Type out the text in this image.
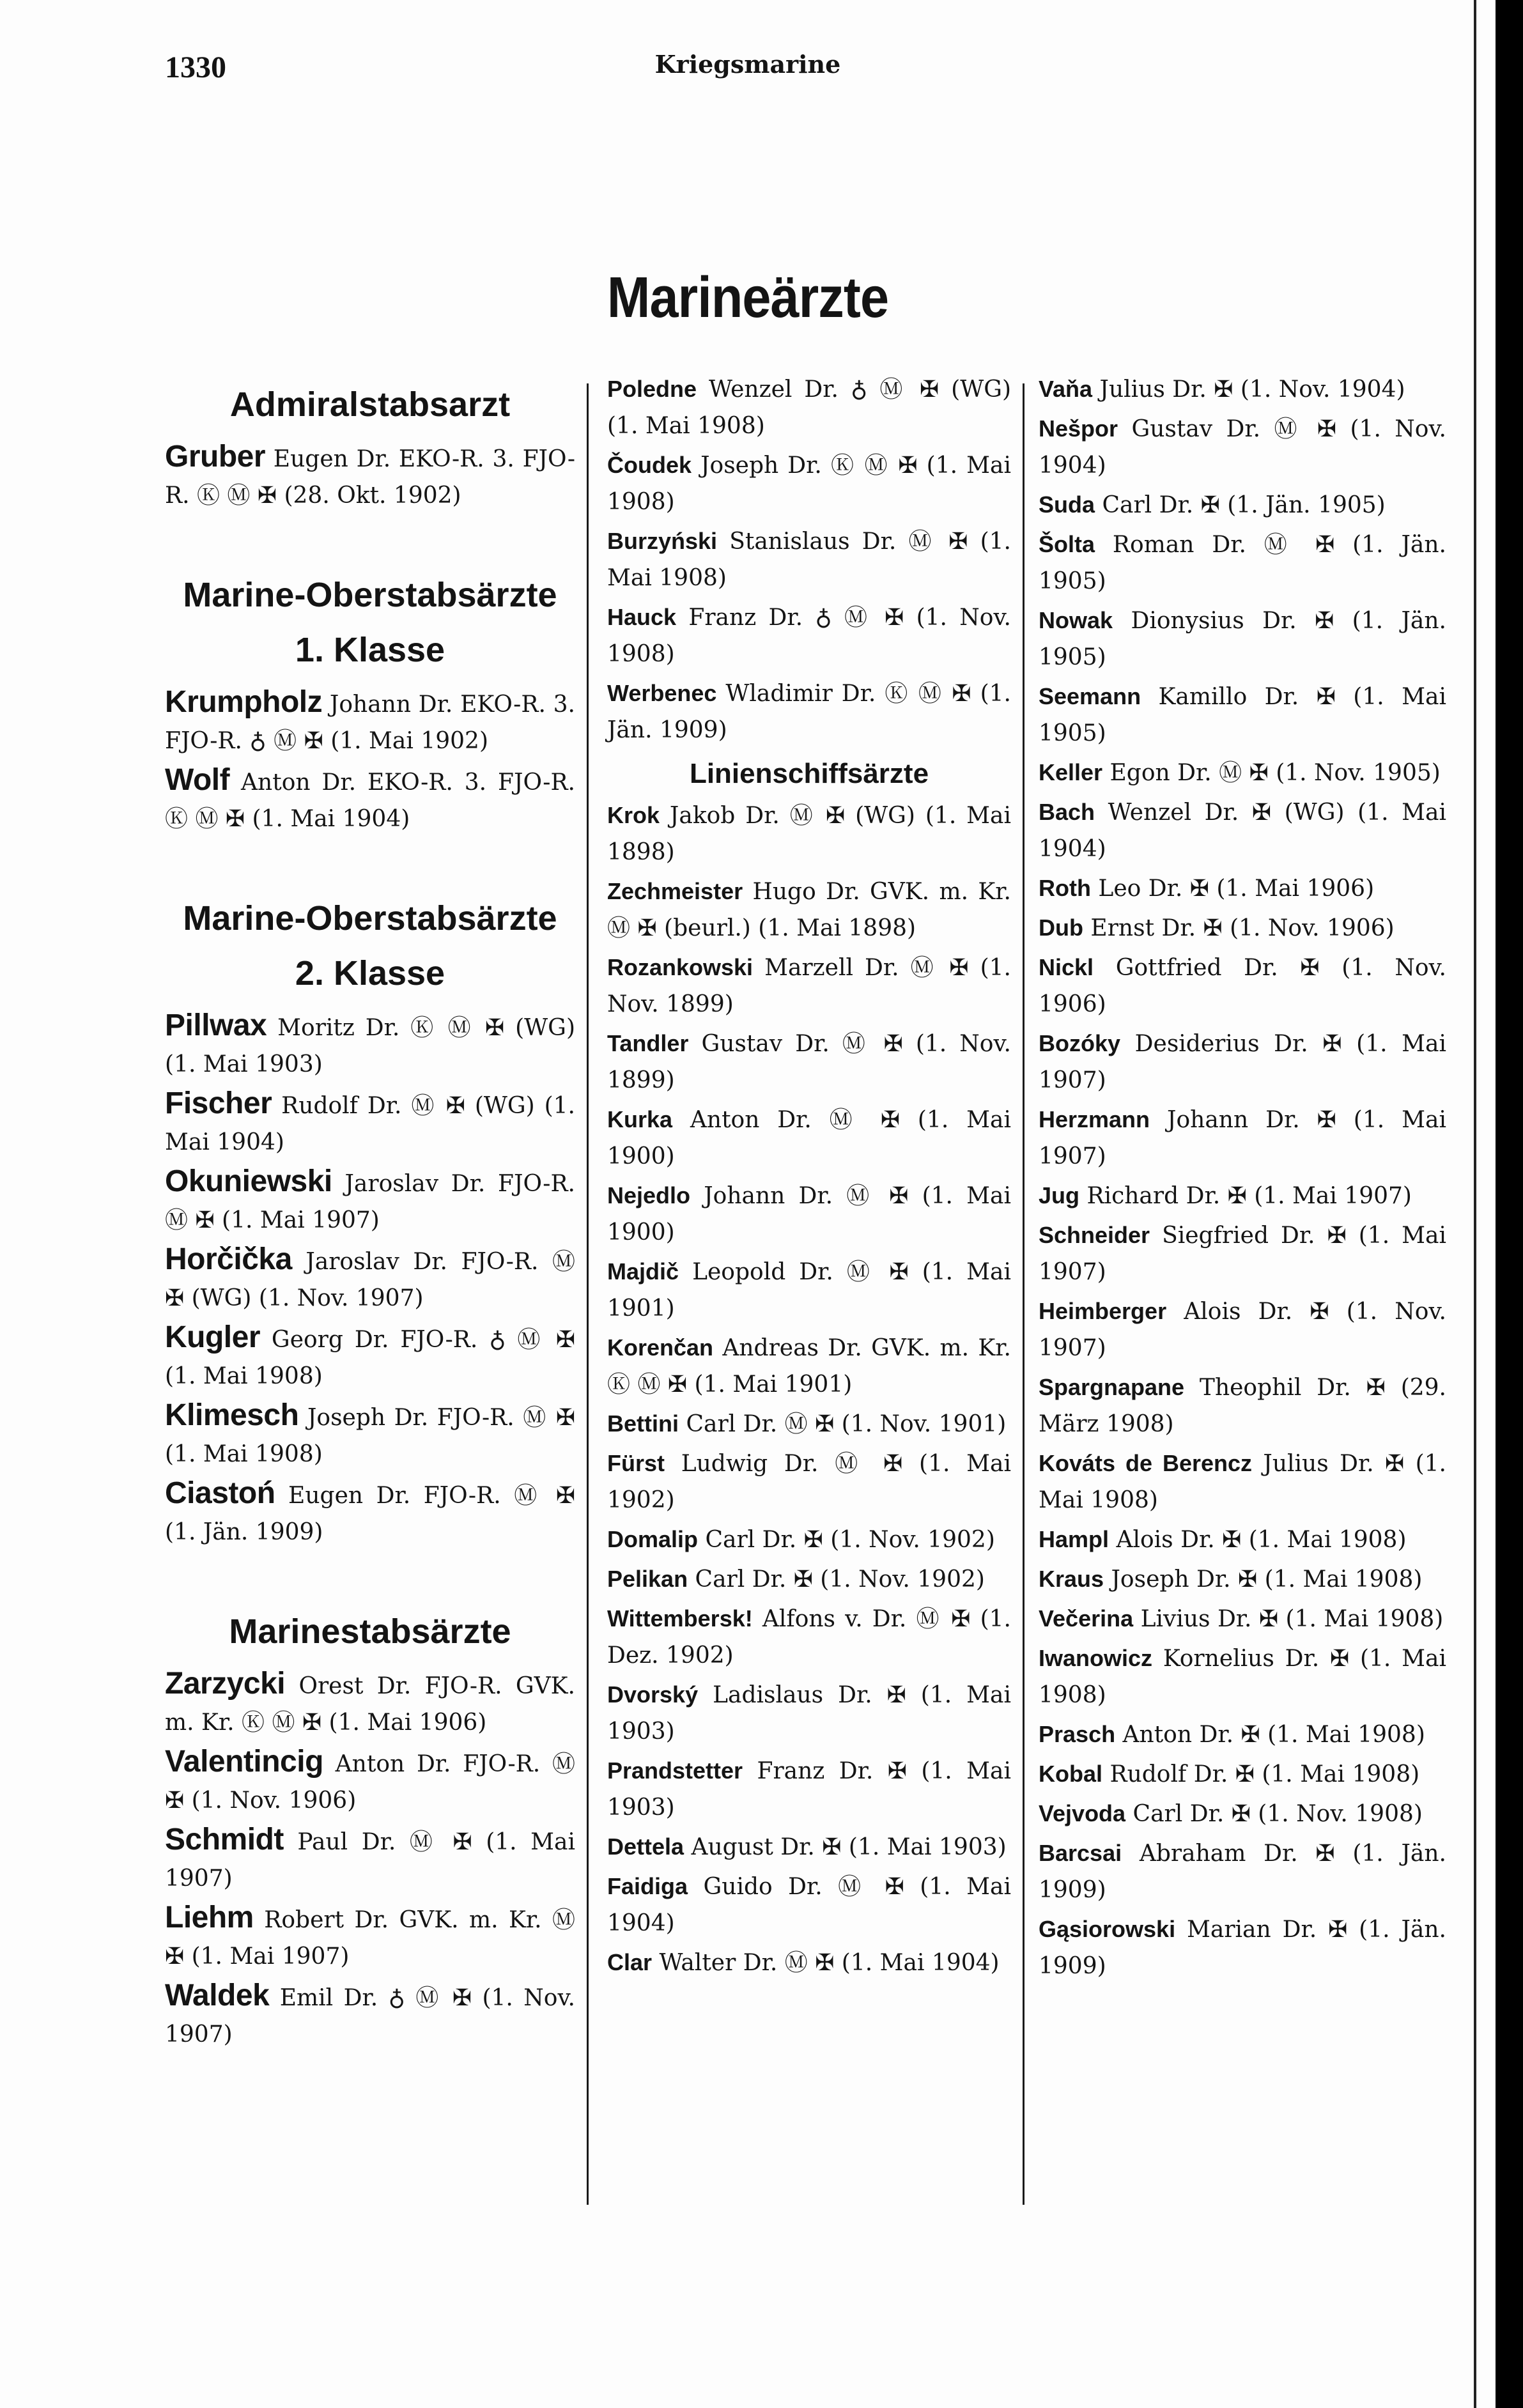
1330	Kriegsmarine
Marineärzte
Admiralstabsarzt
Gruber Eugen Dr. EKO-R. 3. FJO-R. Ⓚ Ⓜ ✠ (28. Okt. 1902)
Marine-Oberstabsärzte
1. Klasse
Krumpholz Johann Dr. EKO-R. 3. FJO-R. ♁ Ⓜ ✠ (1. Mai 1902)
Wolf Anton Dr. EKO-R. 3. FJO-R. Ⓚ Ⓜ ✠ (1. Mai 1904)
Marine-Oberstabsärzte
2. Klasse
Pillwax Moritz Dr. Ⓚ Ⓜ ✠ (WG) (1. Mai 1903)
Fischer Rudolf Dr. Ⓜ ✠ (WG) (1. Mai 1904)
Okuniewski Jaroslav Dr. FJO-R. Ⓜ ✠ (1. Mai 1907)
Horčička Jaroslav Dr. FJO-R. Ⓜ ✠ (WG) (1. Nov. 1907)
Kugler Georg Dr. FJO-R. ♁ Ⓜ ✠ (1. Mai 1908)
Klimesch Joseph Dr. FJO-R. Ⓜ ✠ (1. Mai 1908)
Ciastoń Eugen Dr. FJO-R. Ⓜ ✠ (1. Jän. 1909)
Marinestabsärzte
Zarzycki Orest Dr. FJO-R. GVK. m. Kr. Ⓚ Ⓜ ✠ (1. Mai 1906)
Valentincig Anton Dr. FJO-R. Ⓜ ✠ (1. Nov. 1906)
Schmidt Paul Dr. Ⓜ ✠ (1. Mai 1907)
Liehm Robert Dr. GVK. m. Kr. Ⓜ ✠ (1. Mai 1907)
Waldek Emil Dr. ♁ Ⓜ ✠ (1. Nov. 1907)
Poledne Wenzel Dr. ♁ Ⓜ ✠ (WG) (1. Mai 1908)
Čoudek Joseph Dr. Ⓚ Ⓜ ✠ (1. Mai 1908)
Burzyński Stanislaus Dr. Ⓜ ✠ (1. Mai 1908)
Hauck Franz Dr. ♁ Ⓜ ✠ (1. Nov. 1908)
Werbenec Wladimir Dr. Ⓚ Ⓜ ✠ (1. Jän. 1909)
Linienschiffsärzte
Krok Jakob Dr. Ⓜ ✠ (WG) (1. Mai 1898)
Zechmeister Hugo Dr. GVK. m. Kr. Ⓜ ✠ (beurl.) (1. Mai 1898)
Rozankowski Marzell Dr. Ⓜ ✠ (1. Nov. 1899)
Tandler Gustav Dr. Ⓜ ✠ (1. Nov. 1899)
Kurka Anton Dr. Ⓜ ✠ (1. Mai 1900)
Nejedlo Johann Dr. Ⓜ ✠ (1. Mai 1900)
Majdič Leopold Dr. Ⓜ ✠ (1. Mai 1901)
Korenčan Andreas Dr. GVK. m. Kr. Ⓚ Ⓜ ✠ (1. Mai 1901)
Bettini Carl Dr. Ⓜ ✠ (1. Nov. 1901)
Fürst Ludwig Dr. Ⓜ ✠ (1. Mai 1902)
Domalip Carl Dr. ✠ (1. Nov. 1902)
Pelikan Carl Dr. ✠ (1. Nov. 1902)
Wittembersk! Alfons v. Dr. Ⓜ ✠ (1. Dez. 1902)
Dvorský Ladislaus Dr. ✠ (1. Mai 1903)
Prandstetter Franz Dr. ✠ (1. Mai 1903)
Dettela August Dr. ✠ (1. Mai 1903)
Faidiga Guido Dr. Ⓜ ✠ (1. Mai 1904)
Clar Walter Dr. Ⓜ ✠ (1. Mai 1904)
Vaňa Julius Dr. ✠ (1. Nov. 1904)
Nešpor Gustav Dr. Ⓜ ✠ (1. Nov. 1904)
Suda Carl Dr. ✠ (1. Jän. 1905)
Šolta Roman Dr. Ⓜ ✠ (1. Jän. 1905)
Nowak Dionysius Dr. ✠ (1. Jän. 1905)
Seemann Kamillo Dr. ✠ (1. Mai 1905)
Keller Egon Dr. Ⓜ ✠ (1. Nov. 1905)
Bach Wenzel Dr. ✠ (WG) (1. Mai 1904)
Roth Leo Dr. ✠ (1. Mai 1906)
Dub Ernst Dr. ✠ (1. Nov. 1906)
Nickl Gottfried Dr. ✠ (1. Nov. 1906)
Bozóky Desiderius Dr. ✠ (1. Mai 1907)
Herzmann Johann Dr. ✠ (1. Mai 1907)
Jug Richard Dr. ✠ (1. Mai 1907)
Schneider Siegfried Dr. ✠ (1. Mai 1907)
Heimberger Alois Dr. ✠ (1. Nov. 1907)
Spargnapane Theophil Dr. ✠ (29. März 1908)
Kováts de Berencz Julius Dr. ✠ (1. Mai 1908)
Hampl Alois Dr. ✠ (1. Mai 1908)
Kraus Joseph Dr. ✠ (1. Mai 1908)
Večerina Livius Dr. ✠ (1. Mai 1908)
Iwanowicz Kornelius Dr. ✠ (1. Mai 1908)
Prasch Anton Dr. ✠ (1. Mai 1908)
Kobal Rudolf Dr. ✠ (1. Mai 1908)
Vejvoda Carl Dr. ✠ (1. Nov. 1908)
Barcsai Abraham Dr. ✠ (1. Jän. 1909)
Gąsiorowski Marian Dr. ✠ (1. Jän. 1909)
